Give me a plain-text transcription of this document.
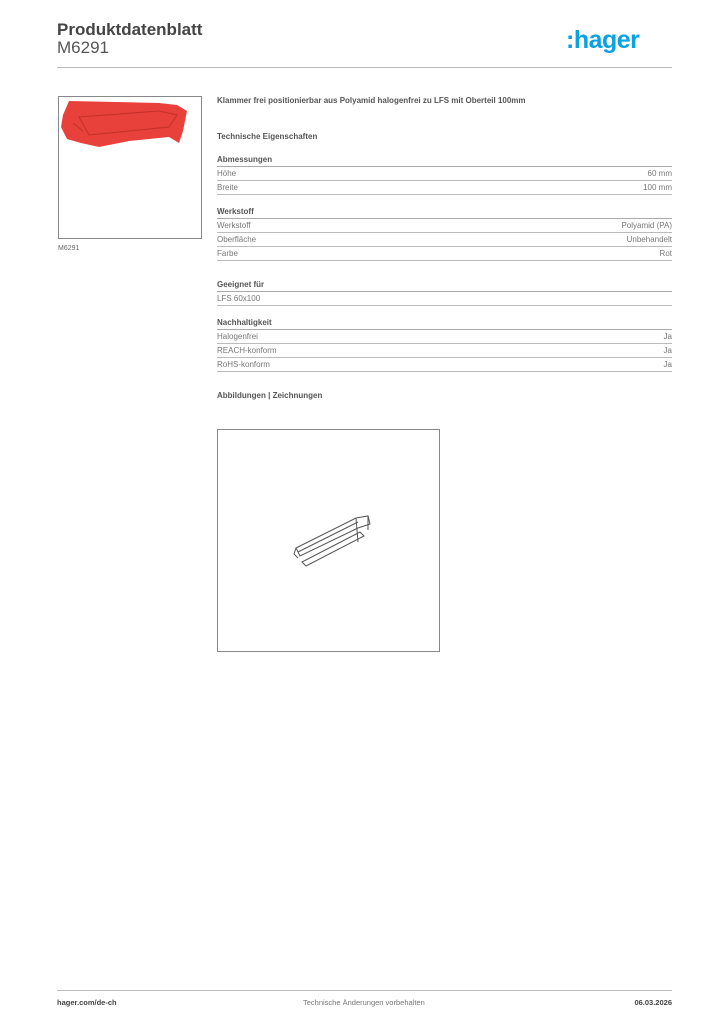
Produktdatenblatt
M6291	:hager
M6291
Klammer frei positionierbar aus Polyamid halogenfrei zu LFS mit Oberteil 100mm
Technische Eigenschaften
Abmessungen
Höhe	60 mm
Breite	100 mm
Werkstoff
Werkstoff	Polyamid (PA)
Oberfläche	Unbehandelt
Farbe	Rot
Geeignet für
LFS 60x100
Nachhaltigkeit
Halogenfrei	Ja
REACH-konform	Ja
RoHS-konform	Ja
Abbildungen | Zeichnungen
hager.com/de-ch	Technische Änderungen vorbehalten	06.03.2026
